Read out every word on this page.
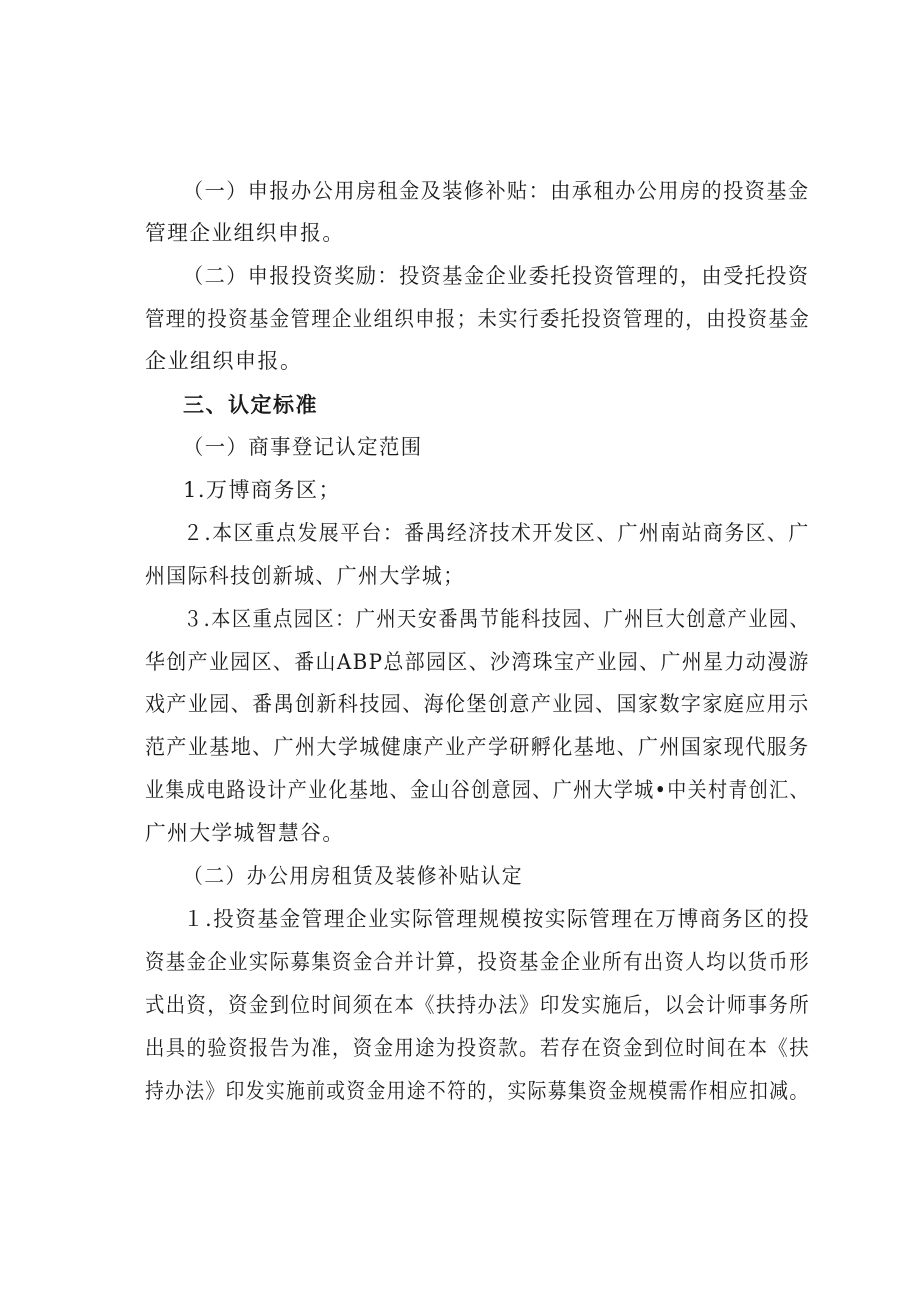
（一）申报办公用房租金及装修补贴：由承租办公用房的投资基金
管理企业组织申报。
（二）申报投资奖励：投资基金企业委托投资管理的，由受托投资
管理的投资基金管理企业组织申报；未实行委托投资管理的，由投资基金
企业组织申报。
三、认定标准
（一）商事登记认定范围
1.万博商务区；
２.本区重点发展平台：番禺经济技术开发区、广州南站商务区、广
州国际科技创新城、广州大学城；
３.本区重点园区：广州天安番禺节能科技园、广州巨大创意产业园、
华创产业园区、番山ABP总部园区、沙湾珠宝产业园、广州星力动漫游
戏产业园、番禺创新科技园、海伦堡创意产业园、国家数字家庭应用示
范产业基地、广州大学城健康产业产学研孵化基地、广州国家现代服务
业集成电路设计产业化基地、金山谷创意园、广州大学城•中关村青创汇、
广州大学城智慧谷。
（二）办公用房租赁及装修补贴认定
１.投资基金管理企业实际管理规模按实际管理在万博商务区的投
资基金企业实际募集资金合并计算，投资基金企业所有出资人均以货币形
式出资，资金到位时间须在本《扶持办法》印发实施后，以会计师事务所
出具的验资报告为准，资金用途为投资款。若存在资金到位时间在本《扶
持办法》印发实施前或资金用途不符的，实际募集资金规模需作相应扣减。
